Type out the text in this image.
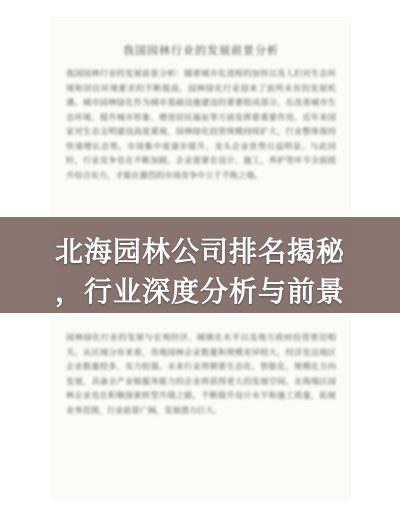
我国园林行业的发展前景分析
我国园林行业的发展前景分析：随着城市化进程的加快以及人们对生态环境和居住环境要求的不断提高，园林绿化行业迎来了前所未有的发展机遇。城市园林绿化作为城市基础设施建设的重要组成部分，在改善城市生态环境、提升城市形象、增进居民福祉等方面发挥着重要作用。近年来国家对生态文明建设高度重视，园林绿化投资规模持续扩大，行业整体保持快速增长态势，市场集中度逐步提升，龙头企业优势日益明显。与此同时，行业竞争也在不断加剧，企业需要在设计、施工、养护等环节全面提升综合实力，才能在激烈的市场竞争中立于不败之地。
园林绿化行业的发展与宏观经济、城镇化水平以及地方政府投资密切相关。从区域分布来看，各地园林企业数量和规模差异较大，经济发达地区企业数量较多、实力较强。未来行业将朝着生态化、智能化、规模化方向发展，具备全产业链服务能力的企业将获得更大的发展空间。北海地区园林企业也在积极探索转型升级之路，不断提升设计水平和施工质量，拓展业务范围，行业前景广阔，发展潜力巨大。
北海园林公司排名揭秘
，行业深度分析与前景
